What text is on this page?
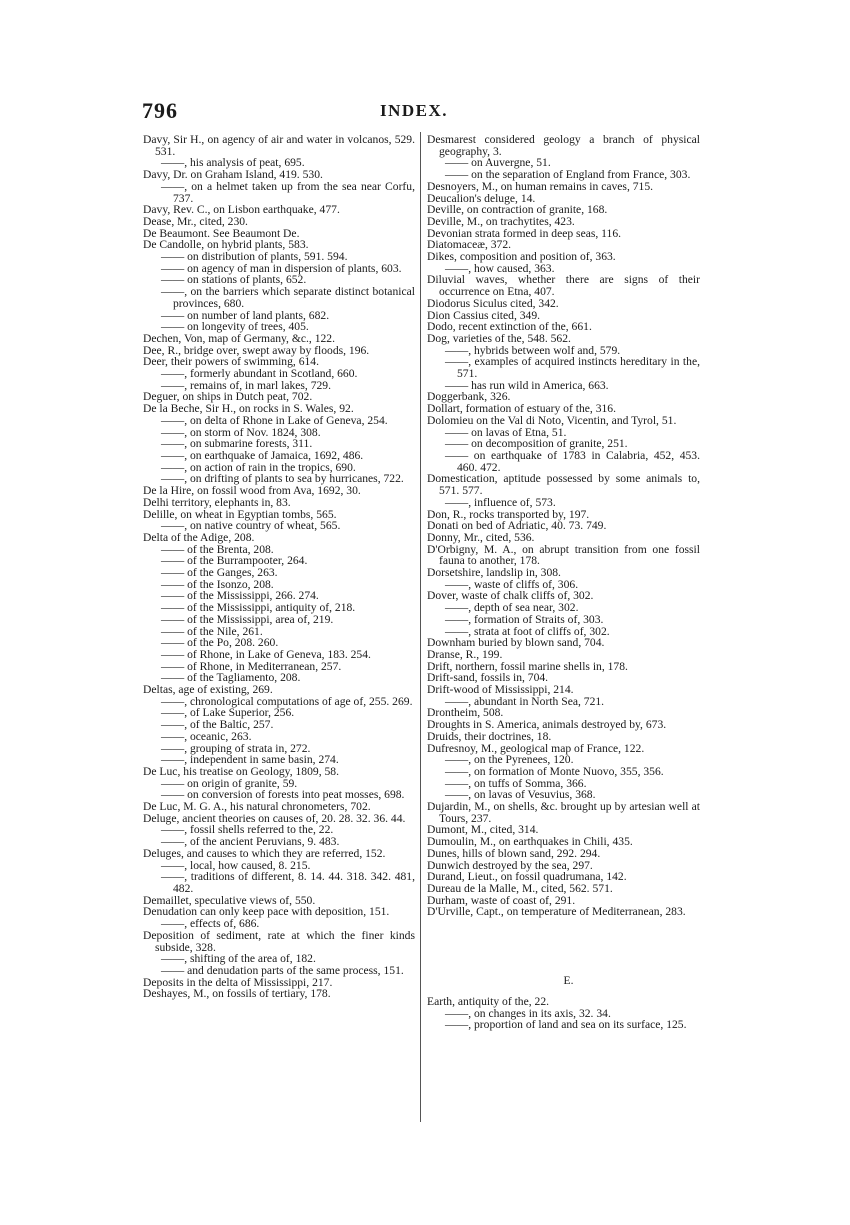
796	INDEX.

Davy, Sir H., on agency of air and water in volcanos, 529. 531.

——, his analysis of peat, 695.

Davy, Dr. on Graham Island, 419. 530.

——, on a helmet taken up from the sea near Corfu, 737.

Davy, Rev. C., on Lisbon earthquake, 477.

Dease, Mr., cited, 230.

De Beaumont. See Beaumont De.

De Candolle, on hybrid plants, 583.

—— on distribution of plants, 591. 594.

—— on agency of man in dispersion of plants, 603.

—— on stations of plants, 652.

——, on the barriers which separate distinct botanical provinces, 680.

—— on number of land plants, 682.

—— on longevity of trees, 405.

Dechen, Von, map of Germany, &c., 122.

Dee, R., bridge over, swept away by floods, 196.

Deer, their powers of swimming, 614.

——, formerly abundant in Scotland, 660.

——, remains of, in marl lakes, 729.

Deguer, on ships in Dutch peat, 702.

De la Beche, Sir H., on rocks in S. Wales, 92.

——, on delta of Rhone in Lake of Geneva, 254.

——, on storm of Nov. 1824, 308.

——, on submarine forests, 311.

——, on earthquake of Jamaica, 1692, 486.

——, on action of rain in the tropics, 690.

——, on drifting of plants to sea by hurricanes, 722.

De la Hire, on fossil wood from Ava, 1692, 30.

Delhi territory, elephants in, 83.

Delille, on wheat in Egyptian tombs, 565.

——, on native country of wheat, 565.

Delta of the Adige, 208.

—— of the Brenta, 208.

—— of the Burrampooter, 264.

—— of the Ganges, 263.

—— of the Isonzo, 208.

—— of the Mississippi, 266. 274.

—— of the Mississippi, antiquity of, 218.

—— of the Mississippi, area of, 219.

—— of the Nile, 261.

—— of the Po, 208. 260.

—— of Rhone, in Lake of Geneva, 183. 254.

—— of Rhone, in Mediterranean, 257.

—— of the Tagliamento, 208.

Deltas, age of existing, 269.

——, chronological computations of age of, 255. 269.

——, of Lake Superior, 256.

——, of the Baltic, 257.

——, oceanic, 263.

——, grouping of strata in, 272.

——, independent in same basin, 274.

De Luc, his treatise on Geology, 1809, 58.

—— on origin of granite, 59.

—— on conversion of forests into peat mosses, 698.

De Luc, M. G. A., his natural chronometers, 702.

Deluge, ancient theories on causes of, 20. 28. 32. 36. 44.

——, fossil shells referred to the, 22.

——, of the ancient Peruvians, 9. 483.

Deluges, and causes to which they are referred, 152.

——, local, how caused, 8. 215.

——, traditions of different, 8. 14. 44. 318. 342. 481, 482.

Demaillet, speculative views of, 550.

Denudation can only keep pace with deposition, 151.

——, effects of, 686.

Deposition of sediment, rate at which the finer kinds subside, 328.

——, shifting of the area of, 182.

—— and denudation parts of the same process, 151.

Deposits in the delta of Mississippi, 217.

Deshayes, M., on fossils of tertiary, 178.

Desmarest considered geology a branch of physical geography, 3.

—— on Auvergne, 51.

—— on the separation of England from France, 303.

Desnoyers, M., on human remains in caves, 715.

Deucalion's deluge, 14.

Deville, on contraction of granite, 168.

Deville, M., on trachytites, 423.

Devonian strata formed in deep seas, 116.

Diatomaceæ, 372.

Dikes, composition and position of, 363.

——, how caused, 363.

Diluvial waves, whether there are signs of their occurrence on Etna, 407.

Diodorus Siculus cited, 342.

Dion Cassius cited, 349.

Dodo, recent extinction of the, 661.

Dog, varieties of the, 548. 562.

——, hybrids between wolf and, 579.

——, examples of acquired instincts hereditary in the, 571.

—— has run wild in America, 663.

Doggerbank, 326.

Dollart, formation of estuary of the, 316.

Dolomieu on the Val di Noto, Vicentin, and Tyrol, 51.

—— on lavas of Etna, 51.

—— on decomposition of granite, 251.

—— on earthquake of 1783 in Calabria, 452, 453. 460. 472.

Domestication, aptitude possessed by some animals to, 571. 577.

——, influence of, 573.

Don, R., rocks transported by, 197.

Donati on bed of Adriatic, 40. 73. 749.

Donny, Mr., cited, 536.

D'Orbigny, M. A., on abrupt transition from one fossil fauna to another, 178.

Dorsetshire, landslip in, 308.

——, waste of cliffs of, 306.

Dover, waste of chalk cliffs of, 302.

——, depth of sea near, 302.

——, formation of Straits of, 303.

——, strata at foot of cliffs of, 302.

Downham buried by blown sand, 704.

Dranse, R., 199.

Drift, northern, fossil marine shells in, 178.

Drift-sand, fossils in, 704.

Drift-wood of Mississippi, 214.

——, abundant in North Sea, 721.

Drontheim, 508.

Droughts in S. America, animals destroyed by, 673.

Druids, their doctrines, 18.

Dufresnoy, M., geological map of France, 122.

——, on the Pyrenees, 120.

——, on formation of Monte Nuovo, 355, 356.

——, on tuffs of Somma, 366.

——, on lavas of Vesuvius, 368.

Dujardin, M., on shells, &c. brought up by artesian well at Tours, 237.

Dumont, M., cited, 314.

Dumoulin, M., on earthquakes in Chili, 435.

Dunes, hills of blown sand, 292. 294.

Dunwich destroyed by the sea, 297.

Durand, Lieut., on fossil quadrumana, 142.

Dureau de la Malle, M., cited, 562. 571.

Durham, waste of coast of, 291.

D'Urville, Capt., on temperature of Mediterranean, 283.

E.

Earth, antiquity of the, 22.

——, on changes in its axis, 32. 34.

——, proportion of land and sea on its surface, 125.
